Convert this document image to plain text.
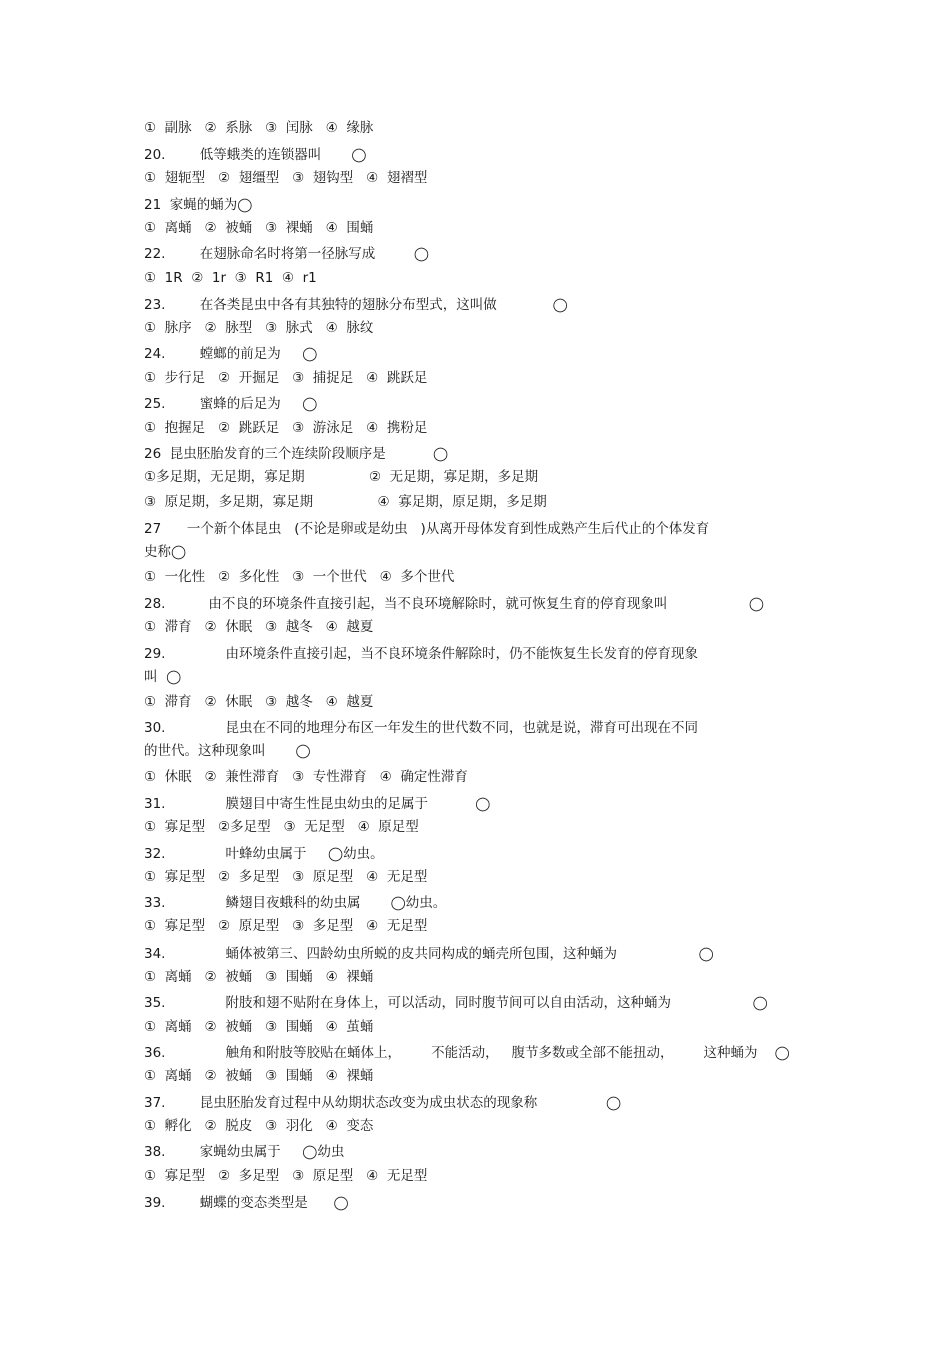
①  副脉   ②  系脉   ③  闰脉   ④  缘脉
20.        低等蛾类的连锁器叫       ◯
①  翅轭型   ②  翅缰型   ③  翅钩型   ④  翅褶型
21  家蝇的蛹为◯
①  离蛹   ②  被蛹   ③  裸蛹   ④  围蛹
22.        在翅脉命名时将第一径脉写成         ◯
①  1R  ②  1r  ③  R1  ④  r1
23.        在各类昆虫中各有其独特的翅脉分布型式，这叫做             ◯
①  脉序   ②  脉型   ③  脉式   ④  脉纹
24.        螳螂的前足为     ◯
①  步行足   ②  开掘足   ③  捕捉足   ④  跳跃足
25.        蜜蜂的后足为     ◯
①  抱握足   ②  跳跃足   ③  游泳足   ④  携粉足
26  昆虫胚胎发育的三个连续阶段顺序是           ◯
①多足期，无足期，寡足期               ②  无足期，寡足期，多足期
③  原足期，多足期，寡足期               ④  寡足期，原足期，多足期
27      一个新个体昆虫   (不论是卵或是幼虫   )从离开母体发育到性成熟产生后代止的个体发育
史称◯
①  一化性   ②  多化性   ③  一个世代   ④  多个世代
28.          由不良的环境条件直接引起，当不良环境解除时，就可恢复生育的停育现象叫                   ◯
①  滞育   ②  休眠   ③  越冬   ④  越夏
29.              由环境条件直接引起，当不良环境条件解除时，仍不能恢复生长发育的停育现象
叫  ◯
①  滞育   ②  休眠   ③  越冬   ④  越夏
30.              昆虫在不同的地理分布区一年发生的世代数不同，也就是说，滞育可出现在不同
的世代。这种现象叫       ◯
①  休眠   ②  兼性滞育   ③  专性滞育   ④  确定性滞育
31.              膜翅目中寄生性昆虫幼虫的足属于           ◯
①  寡足型   ②多足型   ③  无足型   ④  原足型
32.              叶蜂幼虫属于     ◯幼虫。
①  寡足型   ②  多足型   ③  原足型   ④  无足型
33.              鳞翅目夜蛾科的幼虫属       ◯幼虫。
①  寡足型   ②  原足型   ③  多足型   ④  无足型
34.              蛹体被第三、四龄幼虫所蜕的皮共同构成的蛹壳所包围，这种蛹为                   ◯
①  离蛹   ②  被蛹   ③  围蛹   ④  裸蛹
35.              附肢和翅不贴附在身体上，可以活动，同时腹节间可以自由活动，这种蛹为                   ◯
①  离蛹   ②  被蛹   ③  围蛹   ④  茧蛹
36.              触角和附肢等胶贴在蛹体上，       不能活动，   腹节多数或全部不能扭动，       这种蛹为    ◯
①  离蛹   ②  被蛹   ③  围蛹   ④  裸蛹
37.        昆虫胚胎发育过程中从幼期状态改变为成虫状态的现象称                ◯
①  孵化   ②  脱皮   ③  羽化   ④  变态
38.        家蝇幼虫属于     ◯幼虫
①  寡足型   ②  多足型   ③  原足型   ④  无足型
39.        蝴蝶的变态类型是      ◯
